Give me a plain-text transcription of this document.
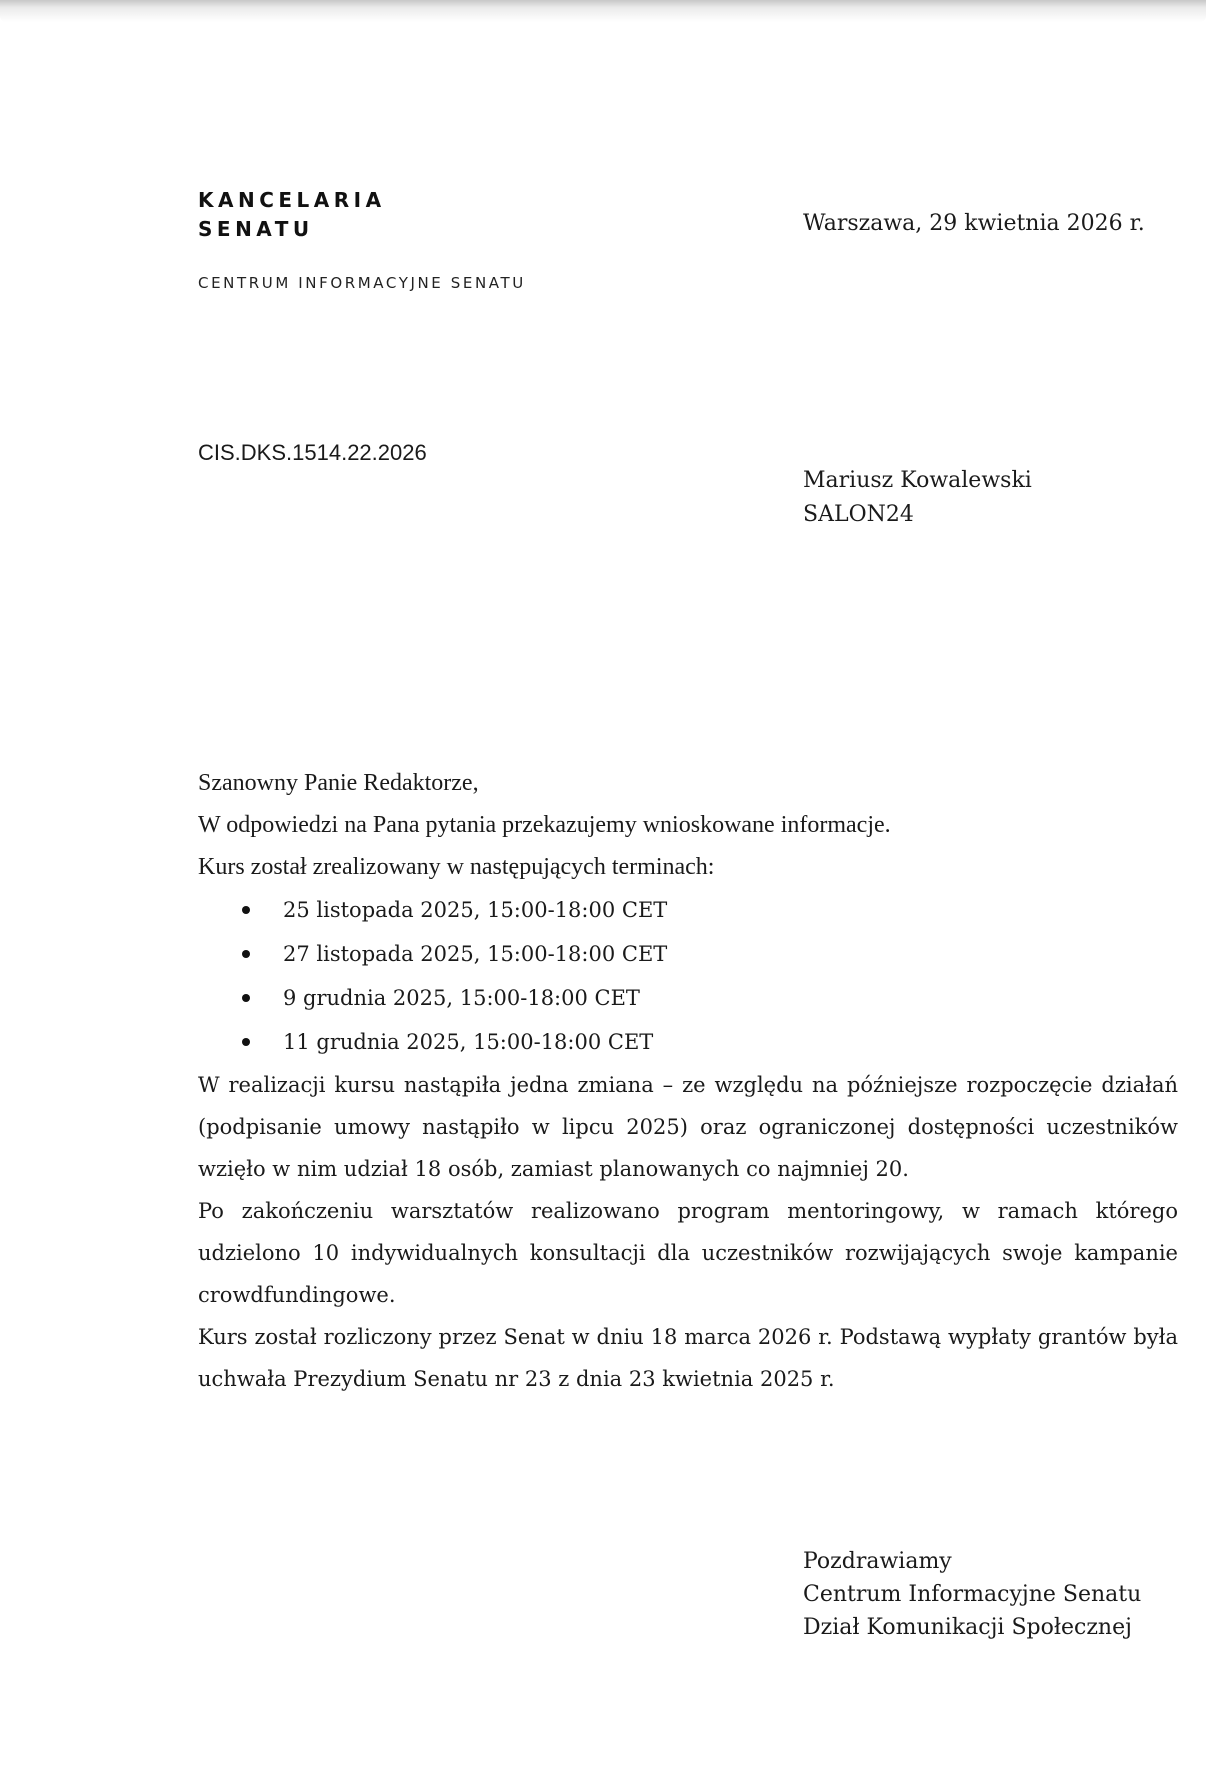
KANCELARIA
SENATU
CENTRUM INFORMACYJNE SENATU
Warszawa, 29 kwietnia 2026 r.
CIS.DKS.1514.22.2026
Mariusz Kowalewski
SALON24

Szanowny Panie Redaktorze,

W odpowiedzi na Pana pytania przekazujemy wnioskowane informacje.

Kurs został zrealizowany w następujących terminach:

25 listopada 2025, 15:00-18:00 CET
27 listopada 2025, 15:00-18:00 CET
9 grudnia 2025, 15:00-18:00 CET
11 grudnia 2025, 15:00-18:00 CET

W realizacji kursu nastąpiła jedna zmiana – ze względu na późniejsze rozpoczęcie działań (podpisanie umowy nastąpiło w lipcu 2025) oraz ograniczonej dostępności uczestników wzięło w nim udział 18 osób, zamiast planowanych co najmniej 20.

Po zakończeniu warsztatów realizowano program mentoringowy, w ramach którego udzielono 10 indywidualnych konsultacji dla uczestników rozwijających swoje kampanie crowdfundingowe.

Kurs został rozliczony przez Senat w dniu 18 marca 2026 r. Podstawą wypłaty grantów była uchwała Prezydium Senatu nr 23 z dnia 23 kwietnia 2025 r.

Pozdrawiamy
Centrum Informacyjne Senatu
Dział Komunikacji Społecznej
